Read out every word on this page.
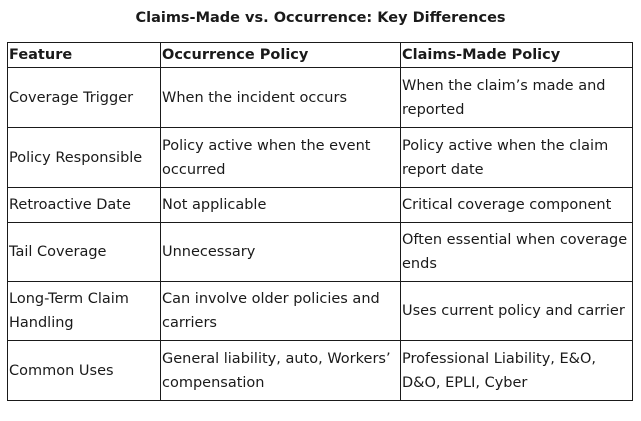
Claims-Made vs. Occurrence: Key Differences
Feature	Occurrence Policy	Claims-Made Policy
Coverage Trigger	When the incident occurs	When the claim’s made and reported
Policy Responsible	Policy active when the event occurred	Policy active when the claim report date
Retroactive Date	Not applicable	Critical coverage component
Tail Coverage	Unnecessary	Often essential when coverage ends
Long-Term Claim Handling	Can involve older policies and carriers	Uses current policy and carrier
Common Uses	General liability, auto, Workers’ compensation	Professional Liability, E&O, D&O, EPLI, Cyber
